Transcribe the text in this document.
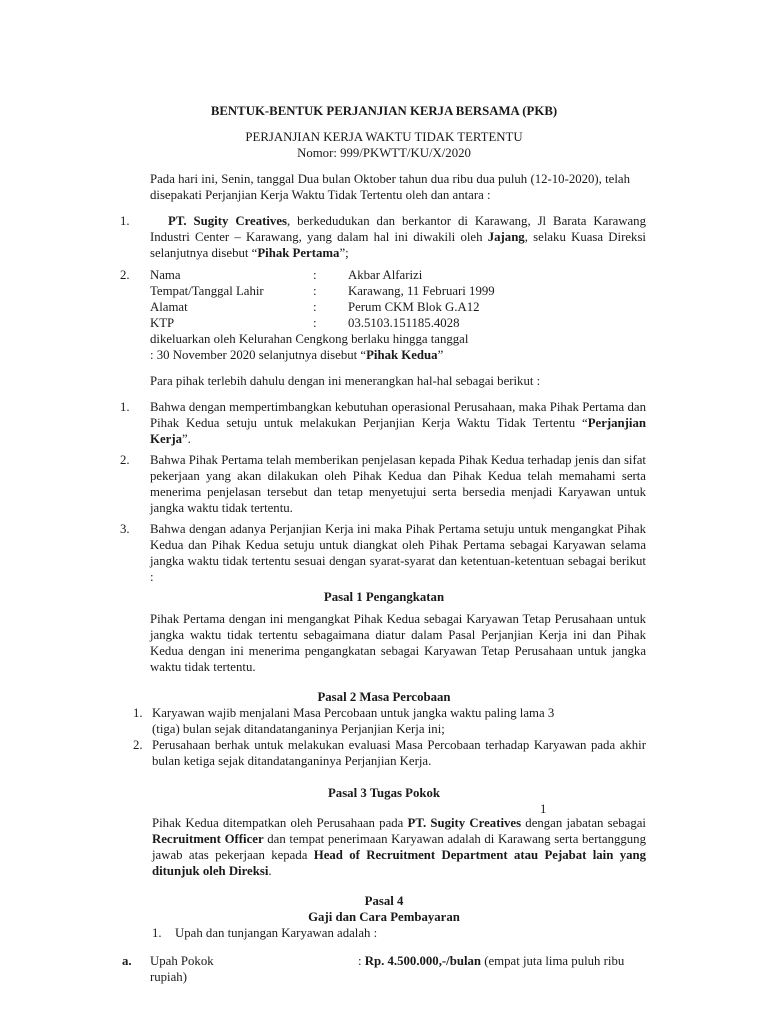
BENTUK-BENTUK PERJANJIAN KERJA BERSAMA (PKB)
PERJANJIAN KERJA WAKTU TIDAK TERTENTU
Nomor: 999/PKWTT/KU/X/2020
Pada hari ini, Senin, tanggal Dua bulan Oktober tahun dua ribu dua puluh (12-10-2020), telah disepakati Perjanjian Kerja Waktu Tidak Tertentu oleh dan antara :
1.	PT. Sugity Creatives, berkedudukan dan berkantor di Karawang, Jl Barata Karawang Industri Center – Karawang, yang dalam hal ini diwakili oleh Jajang, selaku Kuasa Direksi selanjutnya disebut “Pihak Pertama”;
2. Nama	: Akbar Alfarizi
Tempat/Tanggal Lahir	: Karawang, 11 Februari 1999
Alamat	: Perum CKM Blok G.A12
KTP	: 03.5103.151185.4028
dikeluarkan oleh Kelurahan Cengkong berlaku hingga tanggal
: 30 November 2020 selanjutnya disebut “Pihak Kedua”
Para pihak terlebih dahulu dengan ini menerangkan hal-hal sebagai berikut :
1. Bahwa dengan mempertimbangkan kebutuhan operasional Perusahaan, maka Pihak Pertama dan Pihak Kedua setuju untuk melakukan Perjanjian Kerja Waktu Tidak Tertentu “Perjanjian Kerja”.
2. Bahwa Pihak Pertama telah memberikan penjelasan kepada Pihak Kedua terhadap jenis dan sifat pekerjaan yang akan dilakukan oleh Pihak Kedua dan Pihak Kedua telah memahami serta menerima penjelasan tersebut dan tetap menyetujui serta bersedia menjadi Karyawan untuk jangka waktu tidak tertentu.
3. Bahwa dengan adanya Perjanjian Kerja ini maka Pihak Pertama setuju untuk mengangkat Pihak Kedua dan Pihak Kedua setuju untuk diangkat oleh Pihak Pertama sebagai Karyawan selama jangka waktu tidak tertentu sesuai dengan syarat-syarat dan ketentuan-ketentuan sebagai berikut :
Pasal 1 Pengangkatan
Pihak Pertama dengan ini mengangkat Pihak Kedua sebagai Karyawan Tetap Perusahaan untuk jangka waktu tidak tertentu sebagaimana diatur dalam Pasal Perjanjian Kerja ini dan Pihak Kedua dengan ini menerima pengangkatan sebagai Karyawan Tetap Perusahaan untuk jangka waktu tidak tertentu.
Pasal 2 Masa Percobaan
1. Karyawan wajib menjalani Masa Percobaan untuk jangka waktu paling lama 3
(tiga) bulan sejak ditandatanganinya Perjanjian Kerja ini;
2. Perusahaan berhak untuk melakukan evaluasi Masa Percobaan terhadap Karyawan pada akhir bulan ketiga sejak ditandatanganinya Perjanjian Kerja.
Pasal 3 Tugas Pokok
1
Pihak Kedua ditempatkan oleh Perusahaan pada PT. Sugity Creatives dengan jabatan sebagai Recruitment Officer dan tempat penerimaan Karyawan adalah di Karawang serta bertanggung jawab atas pekerjaan kepada Head of Recruitment Department atau Pejabat lain yang ditunjuk oleh Direksi.
Pasal 4
Gaji dan Cara Pembayaran
1. Upah dan tunjangan Karyawan adalah :
a. Upah Pokok	: Rp. 4.500.000,-/bulan (empat juta lima puluh ribu
rupiah)
